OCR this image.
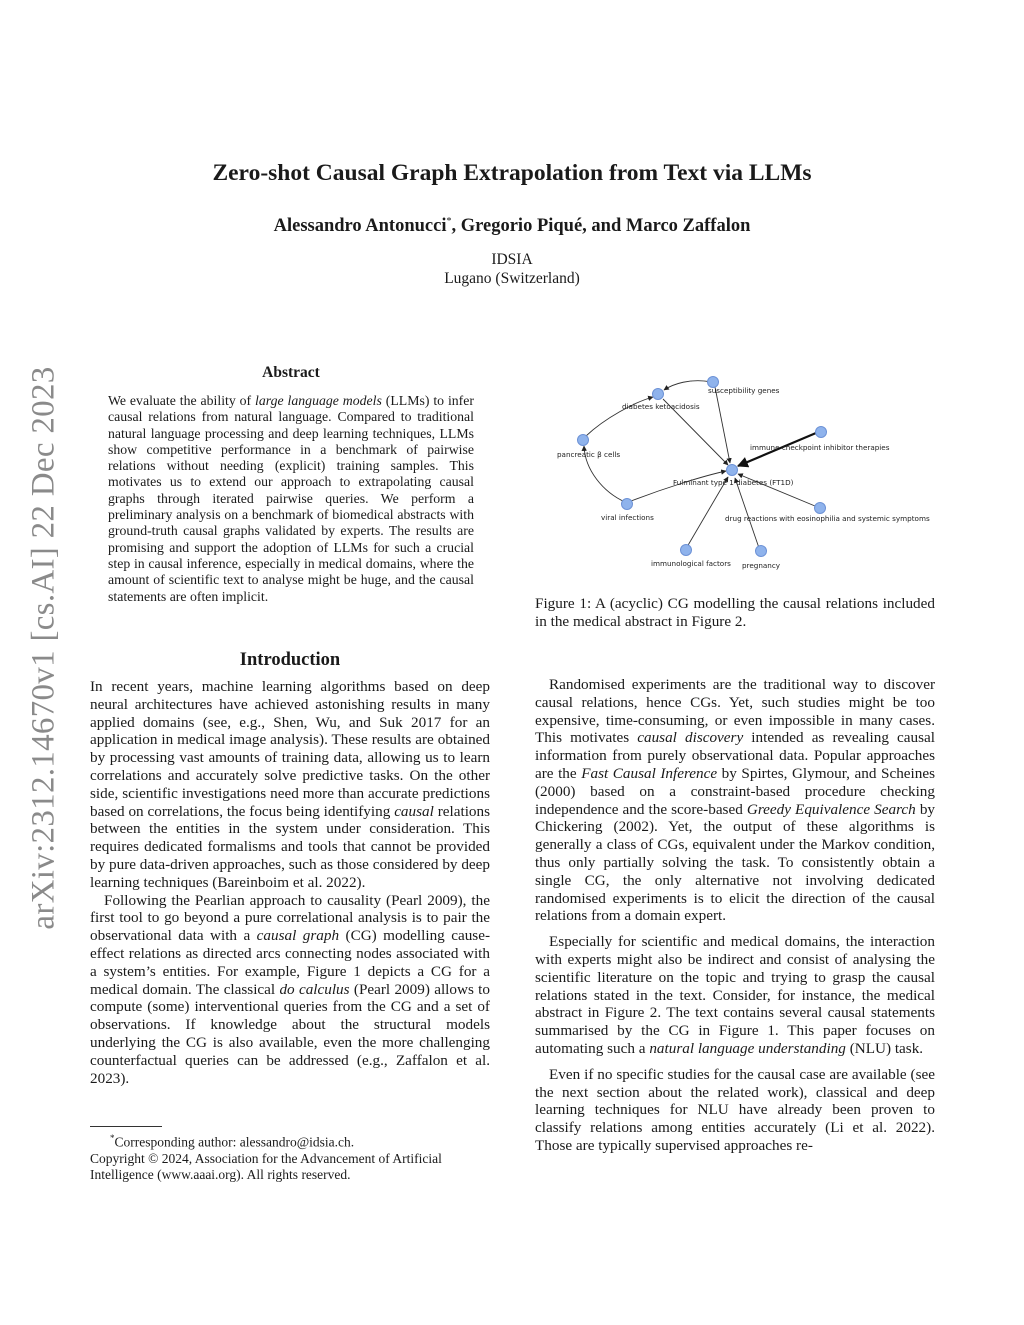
arXiv:2312.14670v1 [cs.AI] 22 Dec 2023
Zero-shot Causal Graph Extrapolation from Text via LLMs
Alessandro Antonucci*, Gregorio Piqué, and Marco Zaffalon
IDSIA
Lugano (Switzerland)
Abstract

We evaluate the ability of large language models (LLMs) to infer causal relations from natural language. Compared to traditional natural language processing and deep learning techniques, LLMs show competitive performance in a benchmark of pairwise relations without needing (explicit) training samples. This motivates us to extend our approach to extrapolating causal graphs through iterated pairwise queries. We perform a preliminary analysis on a benchmark of biomedical abstracts with ground-truth causal graphs validated by experts. The results are promising and support the adoption of LLMs for such a crucial step in causal inference, especially in medical domains, where the amount of scientific text to analyse might be huge, and the causal statements are often implicit.

Introduction

In recent years, machine learning algorithms based on deep neural architectures have achieved astonishing results in many applied domains (see, e.g., Shen, Wu, and Suk 2017 for an application in medical image analysis). These results are obtained by processing vast amounts of training data, allowing us to learn correlations and accurately solve predictive tasks. On the other side, scientific investigations need more than accurate predictions based on correlations, the focus being identifying causal relations between the entities in the system under consideration. This requires dedicated formalisms and tools that cannot be provided by pure data-driven approaches, such as those considered by deep learning techniques (Bareinboim et al. 2022).

Following the Pearlian approach to causality (Pearl 2009), the first tool to go beyond a pure correlational analysis is to pair the observational data with a causal graph (CG) modelling cause-effect relations as directed arcs connecting nodes associated with a system’s entities. For example, Figure 1 depicts a CG for a medical domain. The classical do calculus (Pearl 2009) allows to compute (some) interventional queries from the CG and a set of observations. If knowledge about the structural models underlying the CG is also available, even the more challenging counterfactual queries can be addressed (e.g., Zaffalon et al. 2023).

*Corresponding author: alessandro@idsia.ch.
Copyright © 2024, Association for the Advancement of Artificial Intelligence (www.aaai.org). All rights reserved.
susceptibility genes
diabetes ketoacidosis
pancreatic β cells
immune checkpoint inhibitor therapies
Fulminant type 1 diabetes (FT1D)
viral infections	drug reactions with eosinophilia and systemic symptoms
immunological factors pregnancy
Figure 1: A (acyclic) CG modelling the causal relations included in the medical abstract in Figure 2.

Randomised experiments are the traditional way to discover causal relations, hence CGs. Yet, such studies might be too expensive, time-consuming, or even impossible in many cases. This motivates causal discovery intended as revealing causal information from purely observational data. Popular approaches are the Fast Causal Inference by Spirtes, Glymour, and Scheines (2000) based on a constraint-based procedure checking independence and the score-based Greedy Equivalence Search by Chickering (2002). Yet, the output of these algorithms is generally a class of CGs, equivalent under the Markov condition, thus only partially solving the task. To consistently obtain a single CG, the only alternative not involving dedicated randomised experiments is to elicit the direction of the causal relations from a domain expert.

Especially for scientific and medical domains, the interaction with experts might also be indirect and consist of analysing the scientific literature on the topic and trying to grasp the causal relations stated in the text. Consider, for instance, the medical abstract in Figure 2. The text contains several causal statements summarised by the CG in Figure 1. This paper focuses on automating such a natural language understanding (NLU) task.

Even if no specific studies for the causal case are available (see the next section about the related work), classical and deep learning techniques for NLU have already been proven to classify relations among entities accurately (Li et al. 2022). Those are typically supervised approaches re-
